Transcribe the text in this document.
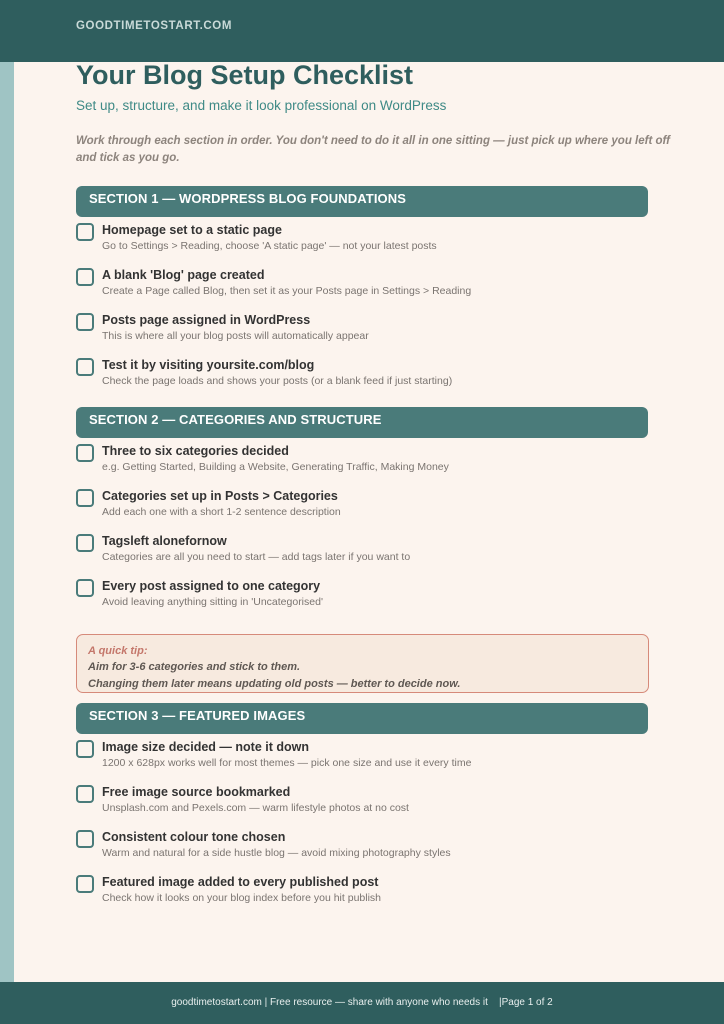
GOODTIMETOSTART.COM
Your Blog Setup Checklist
Set up, structure, and make it look professional on WordPress

Work through each section in order. You don't need to do it all in one sitting — just pick up where you left off and tick as you go.

SECTION 1 — WORDPRESS BLOG FOUNDATIONS
Homepage set to a static page
Go to Settings > Reading, choose 'A static page' — not your latest posts
A blank 'Blog' page created
Create a Page called Blog, then set it as your Posts page in Settings > Reading
Posts page assigned in WordPress
This is where all your blog posts will automatically appear
Test it by visiting yoursite.com/blog
Check the page loads and shows your posts (or a blank feed if just starting)
SECTION 2 — CATEGORIES AND STRUCTURE
Three to six categories decided
e.g. Getting Started, Building a Website, Generating Traffic, Making Money
Categories set up in Posts > Categories
Add each one with a short 1-2 sentence description
Tagsleft alonefornow
Categories are all you need to start — add tags later if you want to
Every post assigned to one category
Avoid leaving anything sitting in 'Uncategorised'
A quick tip:
Aim for 3-6 categories and stick to them.
Changing them later means updating old posts — better to decide now.
SECTION 3 — FEATURED IMAGES
Image size decided — note it down
1200 x 628px works well for most themes — pick one size and use it every time
Free image source bookmarked
Unsplash.com and Pexels.com — warm lifestyle photos at no cost
Consistent colour tone chosen
Warm and natural for a side hustle blog — avoid mixing photography styles
Featured image added to every published post
Check how it looks on your blog index before you hit publish
goodtimetostart.com | Free resource — share with anyone who needs it    |Page 1 of 2
